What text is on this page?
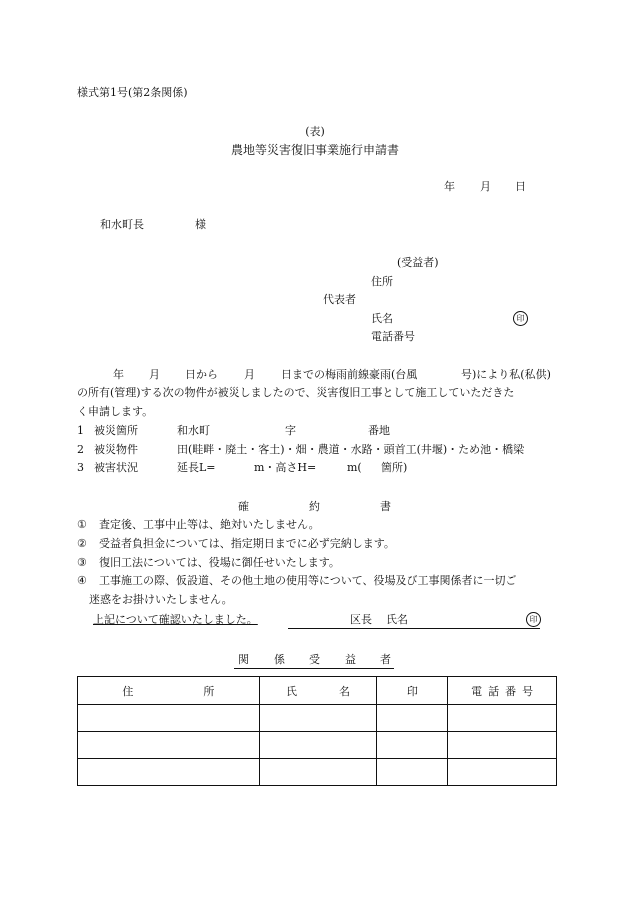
様式第1号(第2条関係)
(表)
農地等災害復旧事業施行申請書
年 月 日
和水町長	様
(受益者)
住所
代表者
氏名	印
電話番号
年 月 日から 月 日までの梅雨前線豪雨(台風	号)により私(私供)
の所有(管理)する次の物件が被災しましたので、災害復旧工事として施工していただきた
く申請します。
1 被災箇所	和水町	字	番地
2 被災物件	田(畦畔・廃土・客土)・畑・農道・水路・頭首工(井堰)・ため池・橋梁
3 被害状況	延長L=	m・高さH=	m( 箇所)
確	約	書
① 査定後、工事中止等は、絶対いたしません。
② 受益者負担金については、指定期日までに必ず完納します。
③ 復旧工法については、役場に御任せいたします。
④ 工事施工の際、仮設道、その他土地の使用等について、役場及び工事関係者に一切ご
迷惑をお掛けいたしません。
上記について確認いたしました。	区長 氏名	印
関 係 受 益 者
住 所	氏 名	印	電 話 番 号
